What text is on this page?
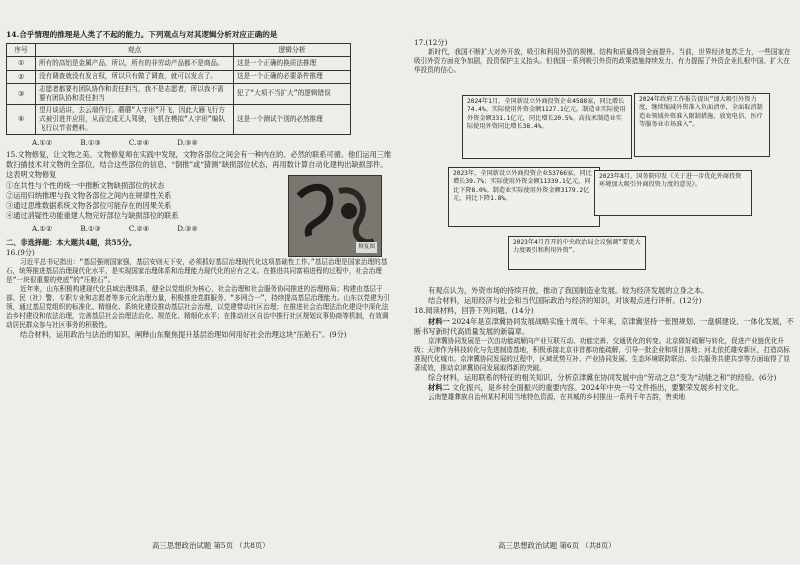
14.合乎情理的推理是人类了不起的能力。下列观点与对其逻辑分析对应正确的是

序号	观点	逻辑分析
①	所有的高铝是金属产品，所以，所有的非劳动产品都不是商品。	这是一个正确的换质法推理
②	没有调查就没有发言权，所以只有做了调查，就可以发言了。	这是一个正确的必要条件推理
③	志愿者都要有团队协作和责任担当，我不是志愿者，所以我不需要有团队协和责任担当	犯了“大项不当扩大”的逻辑错误
④	望月谈话讲，去云端作行。蘑蘑“人字形”开飞，因此大雁飞行方式被引进并应用，从而完成无人驾驶，飞机在模拟“人字形”编队飞行以节省燃料。	这是一个测试个别的必然推理
A.①②	B.①③	C.②④	D.③④

15.文物修复，让文物之美。文物修复师在实践中发现，文物各部位之间会有一种内在的、必然的联系可循。他们运用三维数扫描技术对文物的全部位，结合这些部位的信息，“倒推”或“猜测”缺损部位状态，再用数计算自动化建构出缺损部件。这表明文物修复

①在共性与个性的统一中推断文物缺损部位的状态

②运用归纳推理与我文物各部位之间内在规律性关系

③通过思维数据系统文物各部位可能存在的因果关系

④通过消疑性功能重建人物完好部位与缺损部位的联系

修复图
A.①②	B.①③	C.②④	D.③④

二、非选择题：本大题共4题，共55分。

16.(9分)

习近平总书记指出：“基层强则国家强，基层安则天下安，必须抓好基层治理现代化这项基础性工作。”基层治理是国家治理的基石，统筹推进基层治理现代化水平，是实现国家治理体系和治理能力现代化的应有之义。在推进共同富裕进程的过程中，社会治理是“一块很重要的兜底”的“压舱石”。

近年来，山东积极构建现代化县域治理体系，健全以党组织为核心，社会治理和社会服务协同推进的治理格局；构建由基层干部、民（社）警、专职专业和志愿者等多元化治理力量，积极推进党群服务、“多网合一”，持续提高基层治理能力。山东以党建为引领，通过基层党组织的标准化、精细化、系统化建设推动基层社会治理，以党建带动社区治理；在推进社会治理法治化建设中深化法治乡村建设和依法治理，完善基层社会治理法治化、规范化、精细化水平；在推动社区自治中推行社区规划议事协商等机制，有效调动居民群众参与社区事务的积极性。

结合材料，运用政治与法治的知识，阐释山东聚焦提升基层治理如何用好社会治理这块“压舱石”。(9分)

高三思想政治试题 第5页 （共8页）

17.(12分)

新时代，我国不断扩大对外开放，吸引和利用外资的规模、结构和质量得到全面提升。当前，世界经济复苏乏力，一些国家在吸引外资方面竞争加剧，投资保护主义抬头。但我国一系列吸引外资的政策措施持续发力，有力提振了外资企业扎根中国、扩大在华投资的信心。

2024年1月，全国新设立外商投资企业4588家，同比增长74.4%。实际使用外资金额1127.1亿元。制造业实际使用外资金额331.1亿元，同比增长20.5%。高技术制造业实际使用外资同比增长38.4%。
2024年政府工作报告提出“加大吸引外资力度，继续缩减外资准入负面清单，全面取消制造业领域外资准入限制措施，放宽电信、医疗等服务业市场准入”。
2023年，全国新设立外商投资企业53766家，同比增长39.7%；实际使用外资金额11339.1亿元，同比下降8.0%。制造业实际使用外资金额3179.2亿元，同比下降1.8%。
2023年8月，国务院印发《关于进一步优化外商投资环境加大吸引外商投资力度的意见》。
2023年4月召开的中央政治局会议强调“要更大力度吸引和利用外资”。

有观点认为，外资市场的持续开放，推动了我国制造业发展。较为经济发展的立身之本。

结合材料，运用经济与社会和当代国际政治与经济的知识，对该观点进行评析。(12分)

18.阅读材料，回答下列问题。(14分)

材料一 2024年是京津冀协同发展战略实施十周年。十年来，京津冀坚持一张图规划、一盘棋建设、一体化发展，不断书写新时代高质量发展的新篇章。

京津冀协同发展是一次由功能疏解向产业互联互动、功能完善、交通优化的转变。北京做好疏解与转化，促进产业链优化升级；天津作为科技转化与先进制造基地，积极承接北京非首都功能疏解，引导一批企业和项目落地；河北依托雄安新区，打造高标准现代化城市。京津冀协同发展的过程中，区域优势互补、产业协同发展、生态环境联防联治、公共服务共建共享等方面取得了显著成效，推动京津冀协同发展取得新的突破。

综合材料，运用联系的特征的相关知识，分析京津冀在协同发展中由“劳动之总”变为“动能之和”的经验。(6分)

材料二 文化振兴，是乡村全面振兴的重要内容。2024年中央一号文件指出，要繁荣发展乡村文化。

云南楚雄彝族自治州某村利用当地特色资源，在其城的乡村推出一系列千年古韵，售卖地

高三思想政治试题 第6页 （共8页）
